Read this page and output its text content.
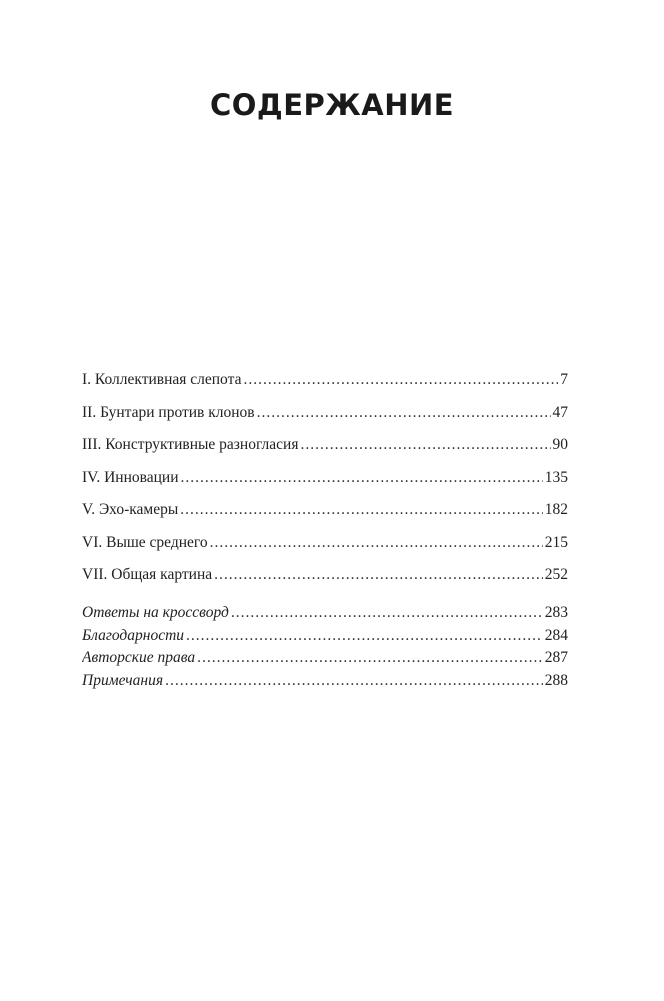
СОДЕРЖАНИЕ
I. Коллективная слепота .....	7
II. Бунтари против клонов .....	47
III. Конструктивные разногласия .....	90
IV. Инновации .....	135
V. Эхо-камеры .....	182
VI. Выше среднего .....	215
VII. Общая картина .....	252
Ответы на кроссворд .....	283
Благодарности .....	284
Авторские права .....	287
Примечания .....	288
